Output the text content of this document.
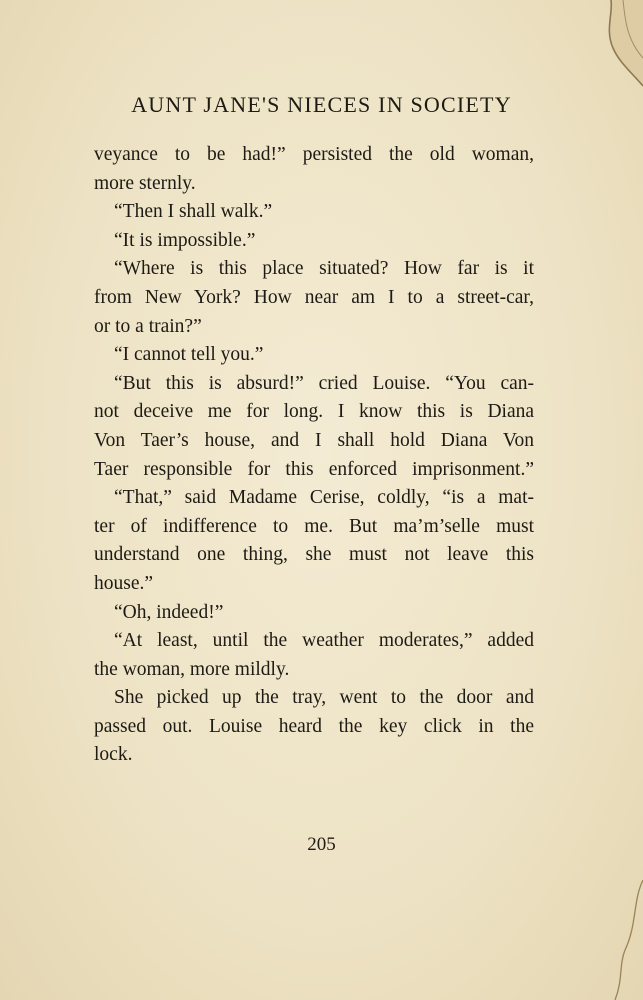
AUNT JANE'S NIECES IN SOCIETY
veyance to be had!” persisted the old woman,
more sternly.
“Then I shall walk.”
“It is impossible.”
“Where is this place situated? How far is it
from New York? How near am I to a street-car,
or to a train?”
“I cannot tell you.”
“But this is absurd!” cried Louise. “You can-
not deceive me for long. I know this is Diana
Von Taer’s house, and I shall hold Diana Von
Taer responsible for this enforced imprisonment.”
“That,” said Madame Cerise, coldly, “is a mat-
ter of indifference to me. But ma’m’selle must
understand one thing, she must not leave this
house.”
“Oh, indeed!”
“At least, until the weather moderates,” added
the woman, more mildly.
She picked up the tray, went to the door and
passed out. Louise heard the key click in the
lock.
205
